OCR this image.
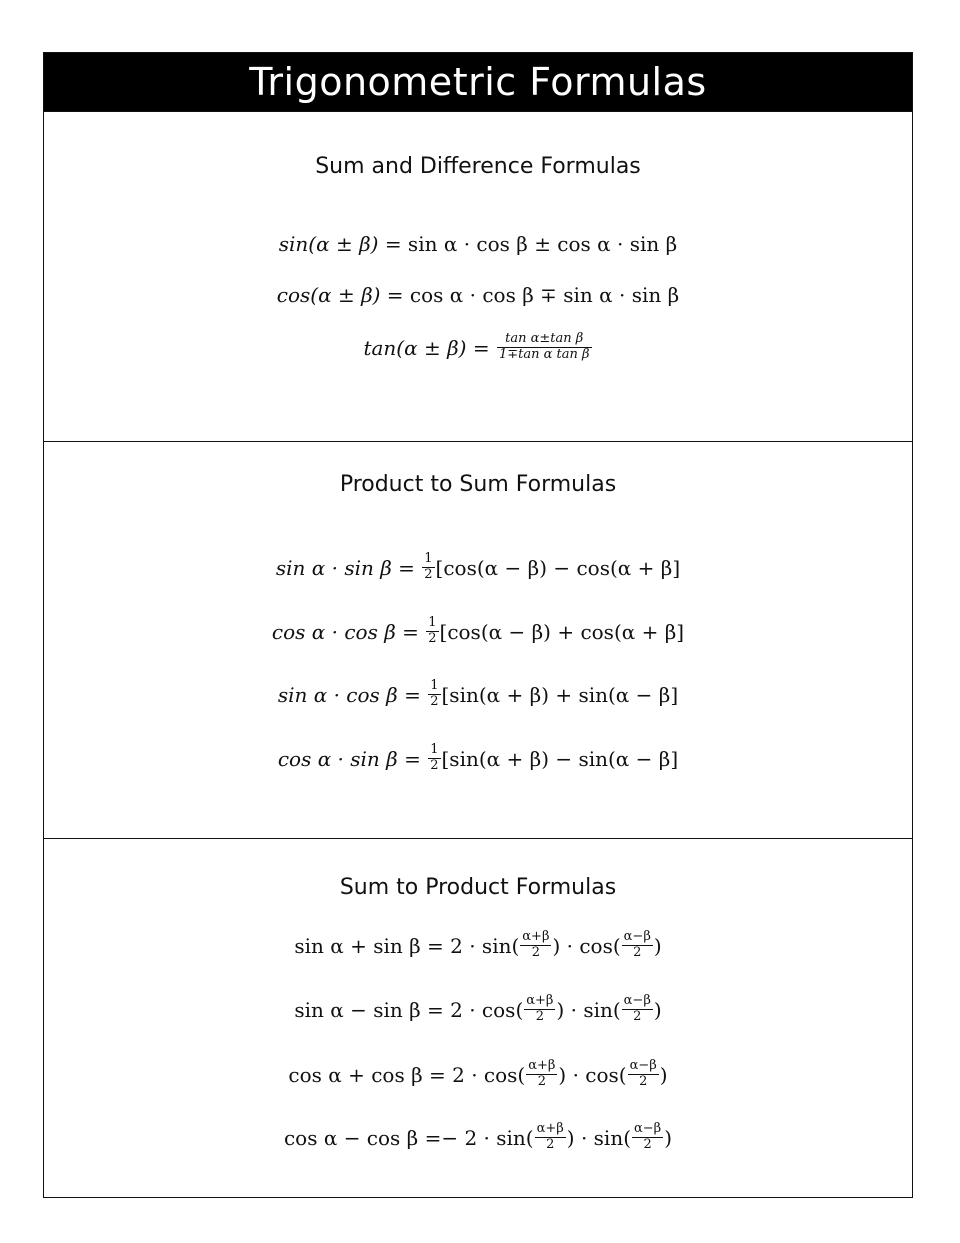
Trigonometric Formulas
Sum and Difference Formulas
sin(α ± β) = sin α · cos β ± cos α · sin β
cos(α ± β) = cos α · cos β ∓ sin α · sin β
$\tan(\alpha \pm \beta) = \frac{\text{tan α±tan β}}{\text{1∓tan α tan β}}$
Product to Sum Formulas
$\sin \alpha \cdot \sin \beta = \frac{1}{2} [\cos(\alpha - \beta) - \cos(\alpha + \beta]$
$\cos \alpha \cdot \cos \beta = \frac{1}{2} [\cos(\alpha - \beta) + \cos(\alpha + \beta]$
$\sin \alpha \cdot \cos \beta = \frac{1}{2} [\sin(\alpha + \beta) + \sin(\alpha - \beta]$
$\cos \alpha \cdot \sin \beta = \frac{1}{2} [\sin(\alpha + \beta) - \sin(\alpha - \beta]$
Sum to Product Formulas
$\sin \alpha + \sin \beta = 2 \cdot \sin( \frac{\alpha+\beta}{2}$ ) · $\cos( \frac{\alpha-\beta}{2}$ )
$\sin \alpha - \sin \beta = 2 \cdot \cos( \frac{\alpha+\beta}{2}$ ) · $\sin( \frac{\alpha-\beta}{2}$ )
$\cos \alpha + \cos \beta = 2 \cdot \cos( \frac{\alpha+\beta}{2}$ ) · $\cos( \frac{\alpha-\beta}{2}$ )
$\cos \alpha - \cos \beta =- 2 \cdot \sin( \frac{\alpha+\beta}{2}$ ) · $\sin( \frac{\alpha-\beta}{2}$ )
